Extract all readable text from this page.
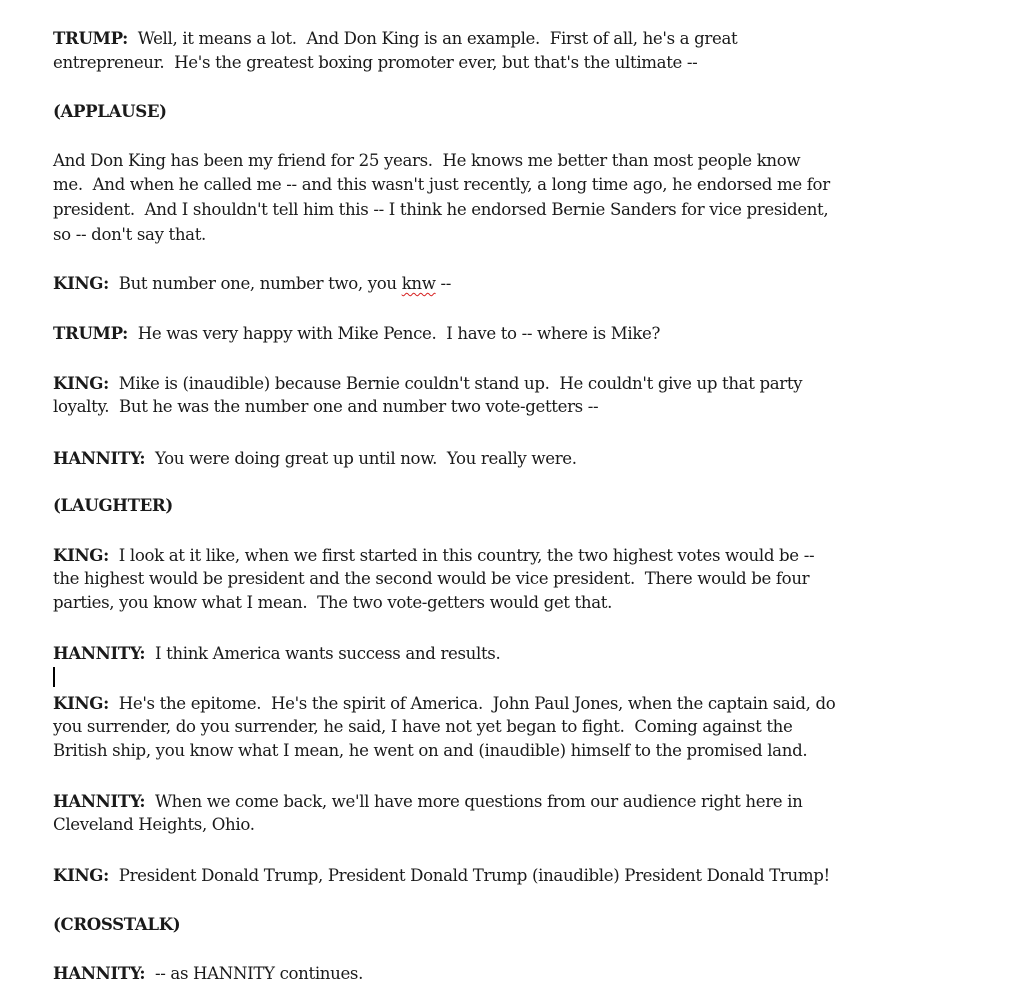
TRUMP:  Well, it means a lot.  And Don King is an example.  First of all, he's a great
entrepreneur.  He's the greatest boxing promoter ever, but that's the ultimate --
(APPLAUSE)
And Don King has been my friend for 25 years.  He knows me better than most people know
me.  And when he called me -- and this wasn't just recently, a long time ago, he endorsed me for
president.  And I shouldn't tell him this -- I think he endorsed Bernie Sanders for vice president,
so -- don't say that.
KING:  But number one, number two, you knw --
TRUMP:  He was very happy with Mike Pence.  I have to -- where is Mike?
KING:  Mike is (inaudible) because Bernie couldn't stand up.  He couldn't give up that party
loyalty.  But he was the number one and number two vote-getters --
HANNITY:  You were doing great up until now.  You really were.
(LAUGHTER)
KING:  I look at it like, when we first started in this country, the two highest votes would be --
the highest would be president and the second would be vice president.  There would be four
parties, you know what I mean.  The two vote-getters would get that.
HANNITY:  I think America wants success and results.
KING:  He's the epitome.  He's the spirit of America.  John Paul Jones, when the captain said, do
you surrender, do you surrender, he said, I have not yet began to fight.  Coming against the
British ship, you know what I mean, he went on and (inaudible) himself to the promised land.
HANNITY:  When we come back, we'll have more questions from our audience right here in
Cleveland Heights, Ohio.
KING:  President Donald Trump, President Donald Trump (inaudible) President Donald Trump!
(CROSSTALK)
HANNITY:  -- as HANNITY continues.
